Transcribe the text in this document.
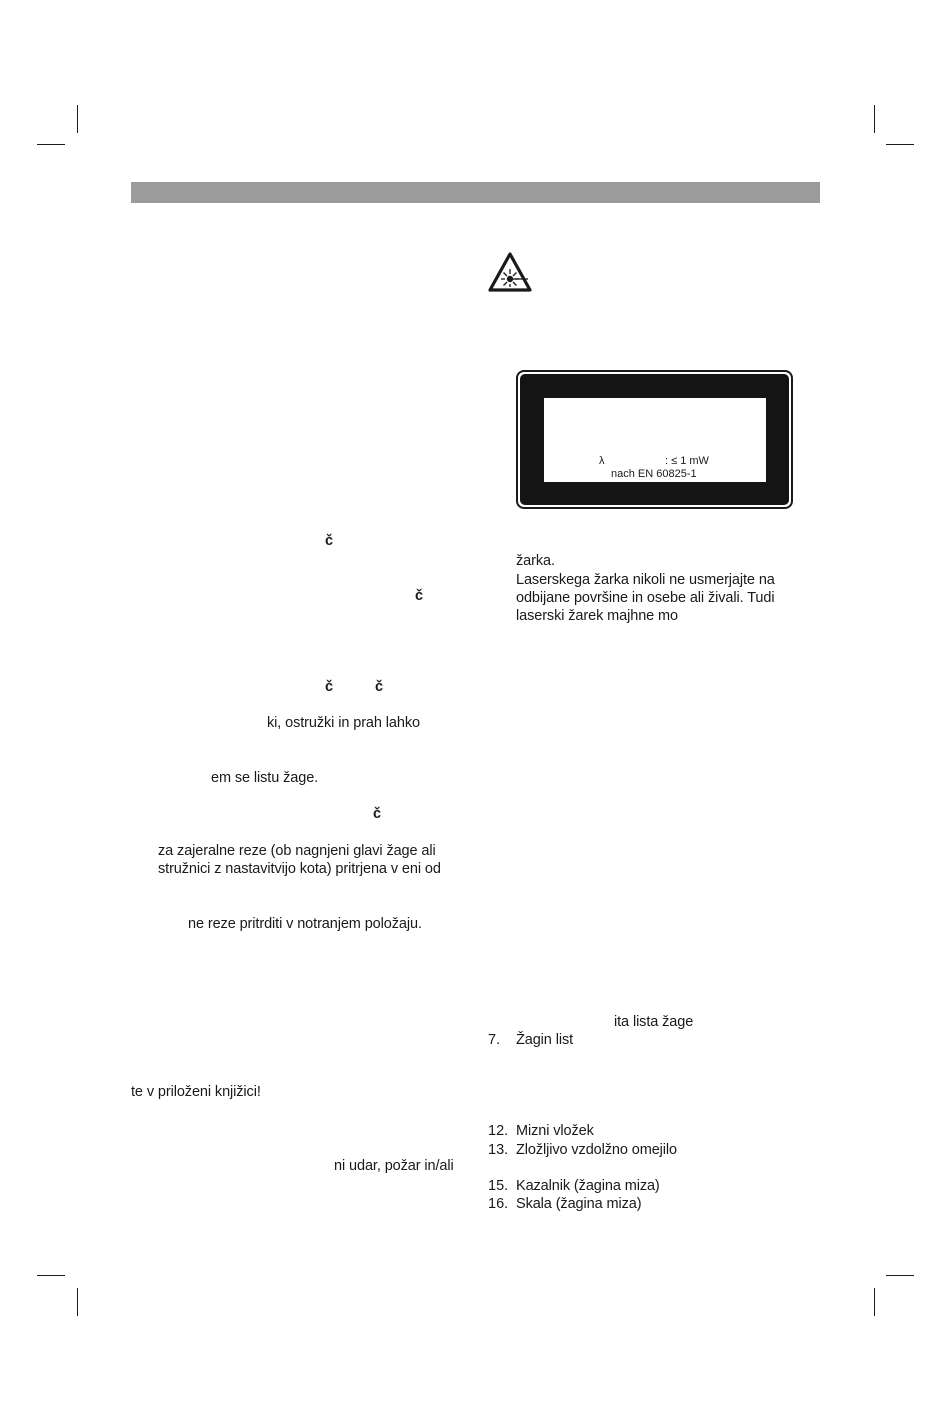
č
č
č	č
ki, ostružki in prah lahko
em se listu žage.
č
za zajeralne reze (ob nagnjeni glavi žage ali
stružnici z nastavitvijo kota) pritrjena v eni od
ne reze pritrditi v notranjem položaju.
te v priloženi knjižici!
ni udar, požar in/ali
λ	: ≤ 1 mW
nach EN 60825-1
žarka.
Laserskega žarka nikoli ne usmerjajte na
odbijane površine in osebe ali živali. Tudi
laserski žarek majhne mo
ita lista žage
7. Žagin list
12. Mizni vložek
13. Zložljivo vzdolžno omejilo
15. Kazalnik (žagina miza)
16. Skala (žagina miza)
